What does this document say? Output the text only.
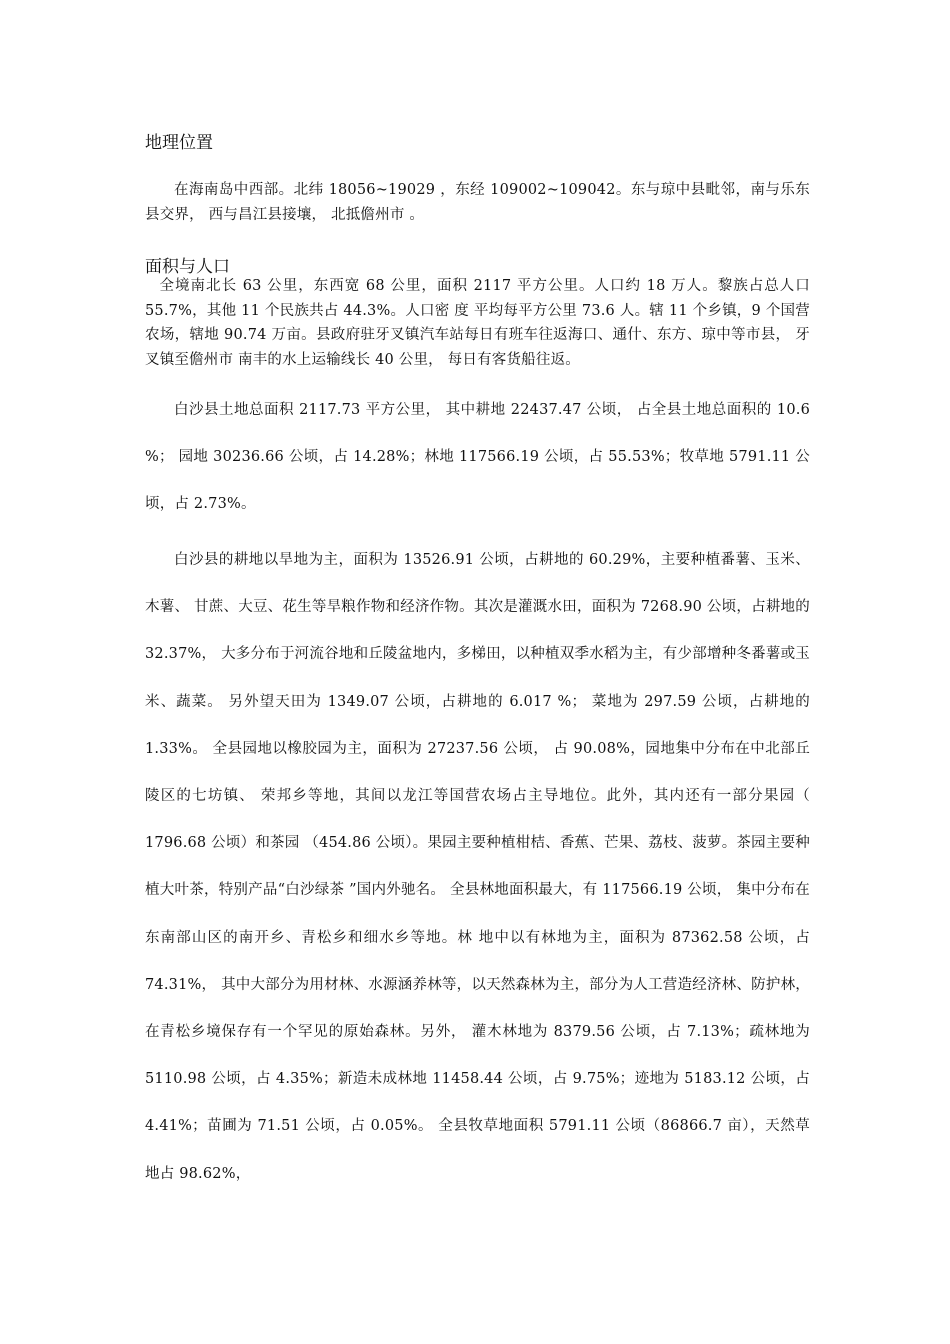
地理位置

在海南岛中西部。北纬 18056~19029 ，东经 109002~109042。东与琼中县毗邻，南与乐东县交界， 西与昌江县接壤， 北抵儋州市 。

面积与人口

全境南北长 63 公里，东西宽 68 公里，面积 2117 平方公里。人口约 18 万人。黎族占总人口 55.7%，其他 11 个民族共占 44.3%。人口密 度 平均每平方公里 73.6 人。辖 11 个乡镇，9 个国营农场，辖地 90.74 万亩。县政府驻牙叉镇汽车站每日有班车往返海口、通什、东方、琼中等市县， 牙叉镇至儋州市 南丰的水上运输线长 40 公里， 每日有客货船往返。

白沙县土地总面积 2117.73 平方公里， 其中耕地 22437.47 公顷， 占全县土地总面积的 10.6 %； 园地 30236.66 公顷，占 14.28%；林地 117566.19 公顷，占 55.53%；牧草地 5791.11 公顷，占 2.73%。

白沙县的耕地以旱地为主，面积为 13526.91 公顷，占耕地的 60.29%，主要种植番薯、玉米、木薯、 甘蔗、大豆、花生等旱粮作物和经济作物。其次是灌溉水田，面积为 7268.90 公顷，占耕地的 32.37%， 大多分布于河流谷地和丘陵盆地内，多梯田，以种植双季水稻为主，有少部增种冬番薯或玉米、蔬菜。 另外望天田为 1349.07 公顷，占耕地的 6.017 %； 菜地为 297.59 公顷，占耕地的 1.33%。 全县园地以橡胶园为主，面积为 27237.56 公顷， 占 90.08%，园地集中分布在中北部丘陵区的七坊镇、 荣邦乡等地，其间以龙江等国营农场占主导地位。此外，其内还有一部分果园（ 1796.68 公顷）和茶园 （454.86 公顷）。果园主要种植柑桔、香蕉、芒果、荔枝、菠萝。茶园主要种植大叶茶，特别产品“白沙绿茶 ”国内外驰名。 全县林地面积最大，有 117566.19 公顷， 集中分布在东南部山区的南开乡、青松乡和细水乡等地。林 地中以有林地为主，面积为 87362.58 公顷，占 74.31%， 其中大部分为用材林、水源涵养林等，以天然森林为主，部分为人工营造经济林、防护林，在青松乡境保存有一个罕见的原始森林。另外， 灌木林地为 8379.56 公顷，占 7.13%；疏林地为 5110.98 公顷，占 4.35%；新造未成林地 11458.44 公顷，占 9.75%；迹地为 5183.12 公顷，占 4.41%；苗圃为 71.51 公顷，占 0.05%。 全县牧草地面积 5791.11 公顷（86866.7 亩），天然草地占 98.62%，
